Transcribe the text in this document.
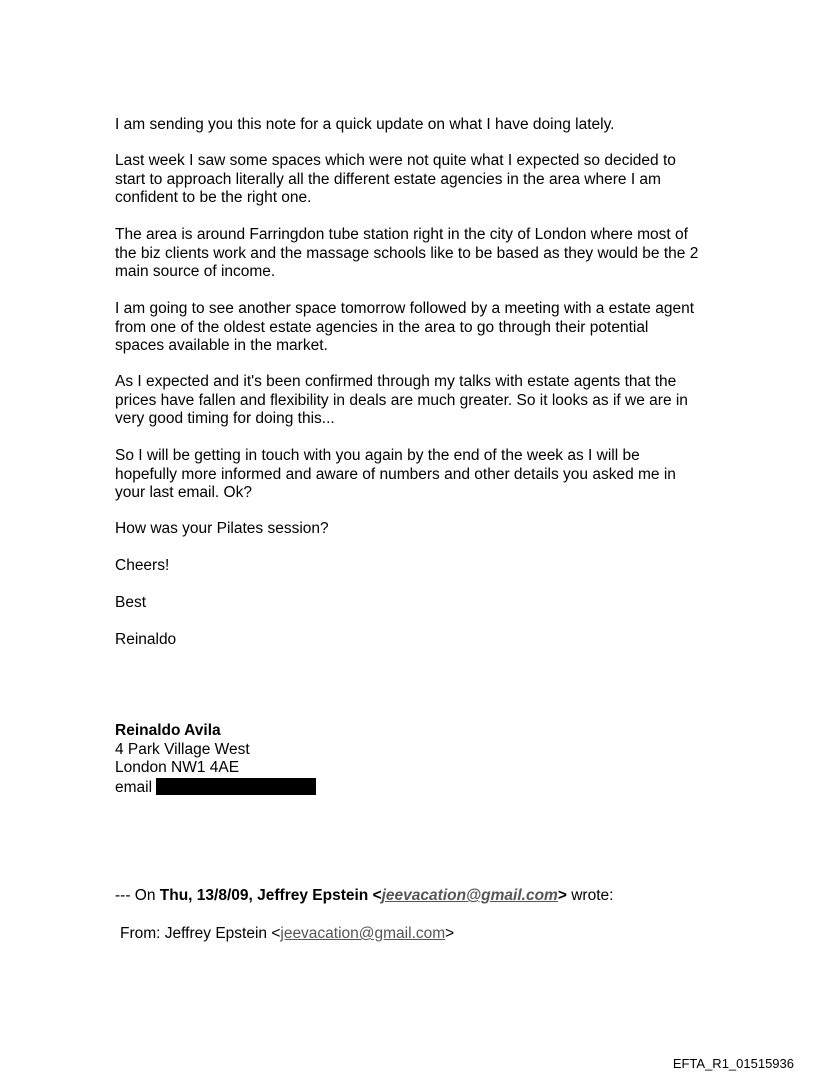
I am sending you this note for a quick update on what I have doing lately.
Last week I saw some spaces which were not quite what I expected so decided to
start to approach literally all the different estate agencies in the area where I am
confident to be the right one.
The area is around Farringdon tube station right in the city of London where most of
the biz clients work and the massage schools like to be based as they would be the 2
main source of income.
I am going to see another space tomorrow followed by a meeting with a estate agent
from one of the oldest estate agencies in the area to go through their potential
spaces available in the market.
As I expected and it's been confirmed through my talks with estate agents that the
prices have fallen and flexibility in deals are much greater. So it looks as if we are in
very good timing for doing this...
So I will be getting in touch with you again by the end of the week as I will be
hopefully more informed and aware of numbers and other details you asked me in
your last email. Ok?
How was your Pilates session?
Cheers!
Best
Reinaldo
Reinaldo Avila
4 Park Village West
London NW1 4AE
email
--- On Thu, 13/8/09, Jeffrey Epstein <jeevacation@gmail.com> wrote:
From: Jeffrey Epstein <jeevacation@gmail.com>
EFTA_R1_01515936
